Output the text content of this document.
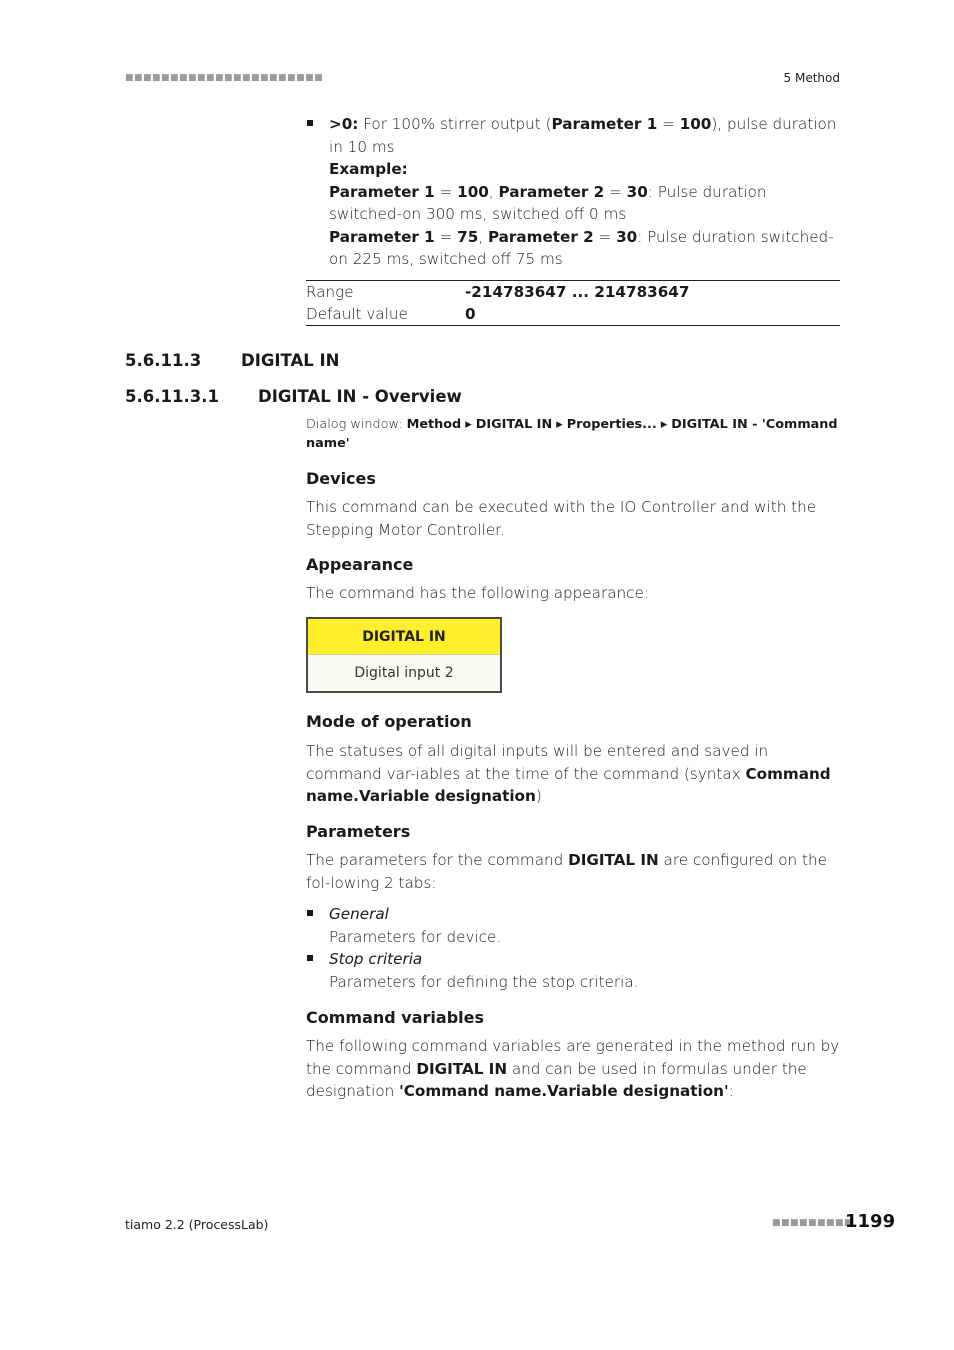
■■■■■■■■■■■■■■■■■■■■■■	5 Method
>0: For 100% stirrer output (Parameter 1 = 100), pulse duration in 10 ms
Example:
Parameter 1 = 100, Parameter 2 = 30: Pulse duration switched-on 300 ms, switched off 0 ms
Parameter 1 = 75, Parameter 2 = 30: Pulse duration switched-on 225 ms, switched off 75 ms
Range	-214783647 ... 214783647
Default value	0
5.6.11.3 DIGITAL IN
5.6.11.3.1 DIGITAL IN - Overview
Dialog window: Method ▸ DIGITAL IN ▸ Properties... ▸ DIGITAL IN - 'Command name'
Devices
This command can be executed with the IO Controller and with the Stepping Motor Controller.
Appearance
The command has the following appearance:
DIGITAL IN
Digital input 2
Mode of operation
The statuses of all digital inputs will be entered and saved in command var-iables at the time of the command (syntax Command name.Variable designation)
Parameters
The parameters for the command DIGITAL IN are configured on the fol-lowing 2 tabs:
General
Parameters for device.
Stop criteria
Parameters for defining the stop criteria.
Command variables
The following command variables are generated in the method run by the command DIGITAL IN and can be used in formulas under the designation 'Command name.Variable designation':
tiamo 2.2 (ProcessLab)	■■■■■■■■■
1199
